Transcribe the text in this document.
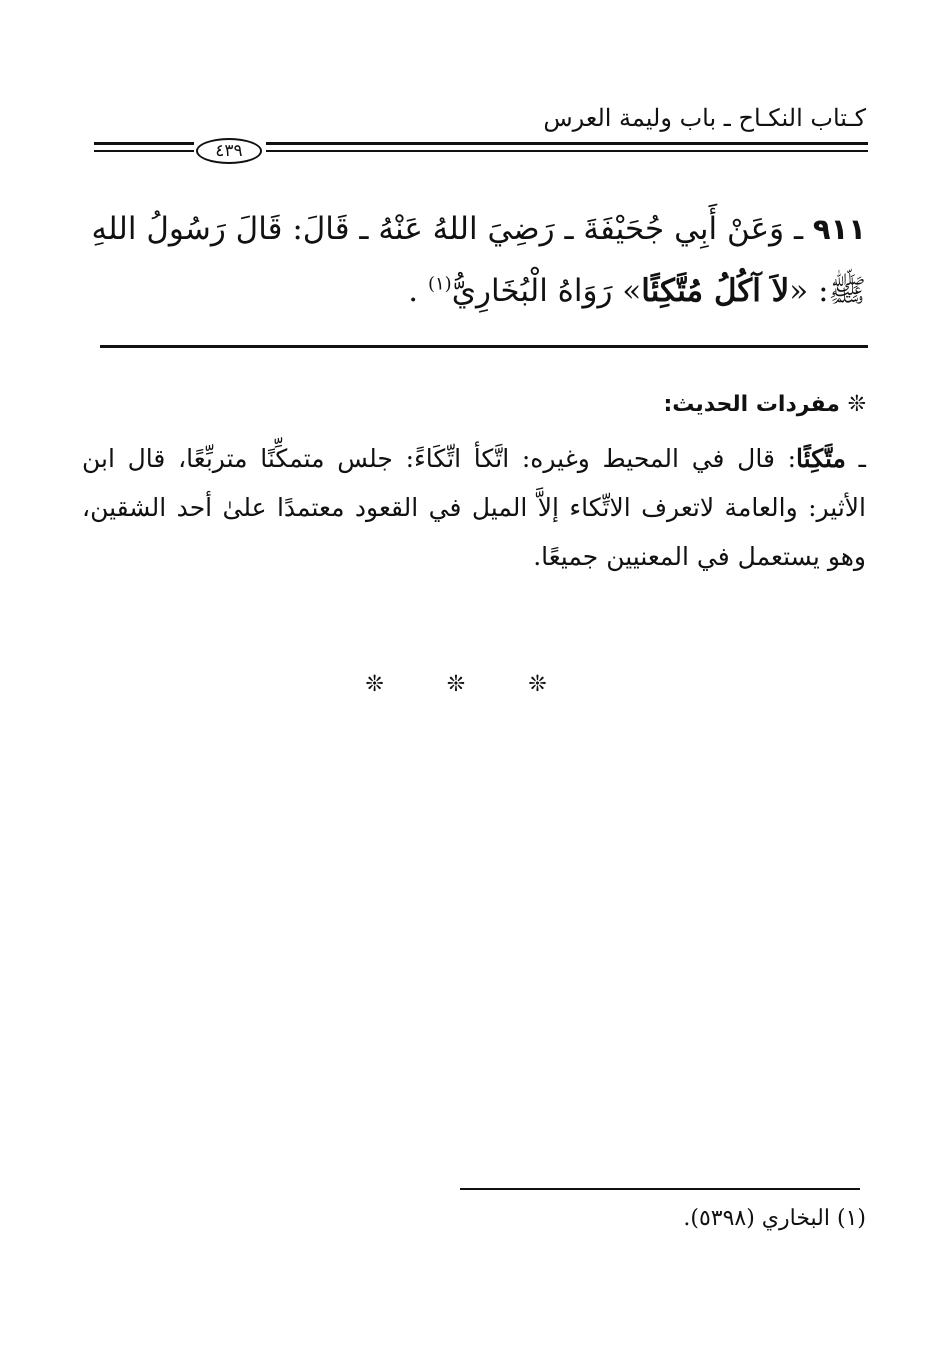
كـتاب النكـاح ـ باب وليمة العرس
٤٣٩
٩١١ ـ وَعَنْ أَبِي جُحَيْفَةَ ـ رَضِيَ اللهُ عَنْهُ ـ قَالَ: قَالَ رَسُولُ اللهِ
ﷺ: «لاَ آكُلُ مُتَّكِئًا» رَوَاهُ الْبُخَارِيُّ$^{(١)}$ .
❊ مفردات الحديث:
ـ متَّكِئًا: قال في المحيط وغيره: اتَّكأ اتِّكَاءً: جلس متمكِّنًا متربِّعًا، قال ابن
الأثير: والعامة لاتعرف الاتِّكاء إلاَّ الميل في القعود معتمدًا علىٰ أحد الشقين،
وهو يستعمل في المعنيين جميعًا.
❊ ❊ ❊
(١) البخاري (٥٣٩٨).
